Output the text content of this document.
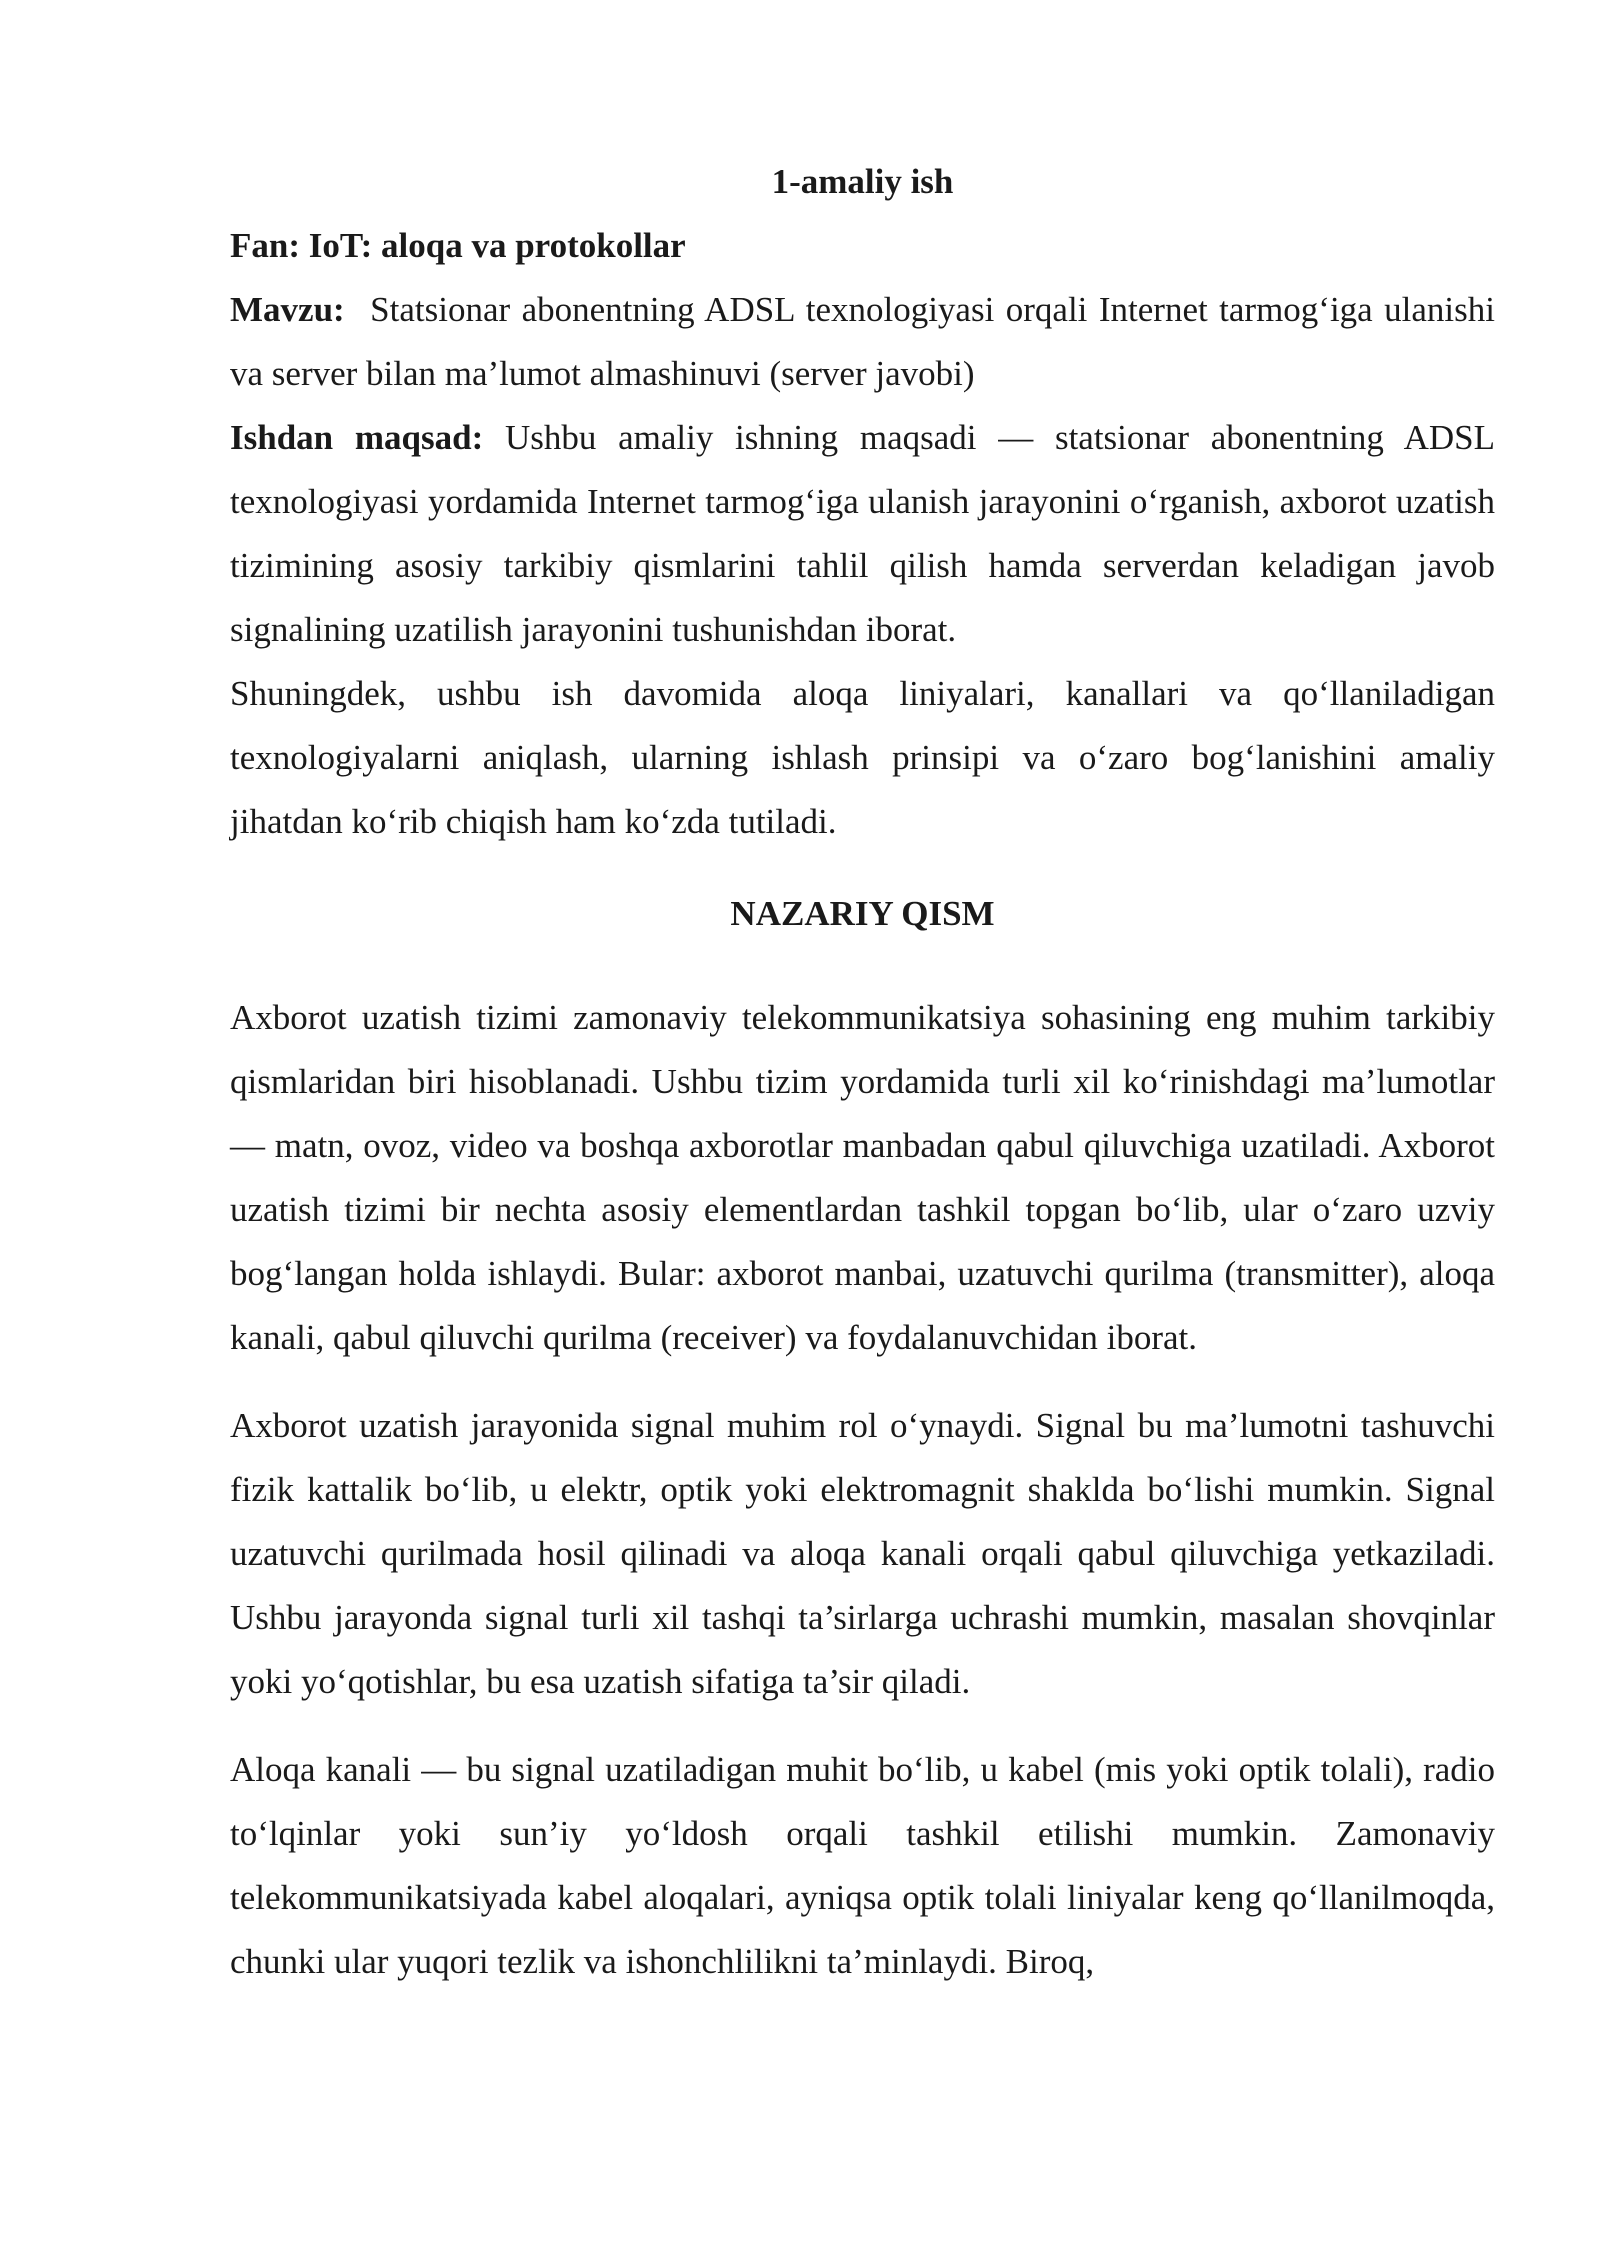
1-amaliy ish

Fan: IoT: aloqa va protokollar

Mavzu: Statsionar abonentning ADSL texnologiyasi orqali Internet tarmog‘iga ulanishi va server bilan ma’lumot almashinuvi (server javobi)

Ishdan maqsad: Ushbu amaliy ishning maqsadi — statsionar abonentning ADSL texnologiyasi yordamida Internet tarmog‘iga ulanish jarayonini o‘rganish, axborot uzatish tizimining asosiy tarkibiy qismlarini tahlil qilish hamda serverdan keladigan javob signalining uzatilish jarayonini tushunishdan iborat.

Shuningdek, ushbu ish davomida aloqa liniyalari, kanallari va qo‘llaniladigan texnologiyalarni aniqlash, ularning ishlash prinsipi va o‘zaro bog‘lanishini amaliy jihatdan ko‘rib chiqish ham ko‘zda tutiladi.

NAZARIY QISM

Axborot uzatish tizimi zamonaviy telekommunikatsiya sohasining eng muhim tarkibiy qismlaridan biri hisoblanadi. Ushbu tizim yordamida turli xil ko‘rinishdagi ma’lumotlar — matn, ovoz, video va boshqa axborotlar manbadan qabul qiluvchiga uzatiladi. Axborot uzatish tizimi bir nechta asosiy elementlardan tashkil topgan bo‘lib, ular o‘zaro uzviy bog‘langan holda ishlaydi. Bular: axborot manbai, uzatuvchi qurilma (transmitter), aloqa kanali, qabul qiluvchi qurilma (receiver) va foydalanuvchidan iborat.

Axborot uzatish jarayonida signal muhim rol o‘ynaydi. Signal bu ma’lumotni tashuvchi fizik kattalik bo‘lib, u elektr, optik yoki elektromagnit shaklda bo‘lishi mumkin. Signal uzatuvchi qurilmada hosil qilinadi va aloqa kanali orqali qabul qiluvchiga yetkaziladi. Ushbu jarayonda signal turli xil tashqi ta’sirlarga uchrashi mumkin, masalan shovqinlar yoki yo‘qotishlar, bu esa uzatish sifatiga ta’sir qiladi.

Aloqa kanali — bu signal uzatiladigan muhit bo‘lib, u kabel (mis yoki optik tolali), radio to‘lqinlar yoki sun’iy yo‘ldosh orqali tashkil etilishi mumkin. Zamonaviy telekommunikatsiyada kabel aloqalari, ayniqsa optik tolali liniyalar keng qo‘llanilmoqda, chunki ular yuqori tezlik va ishonchlilikni ta’minlaydi. Biroq,
